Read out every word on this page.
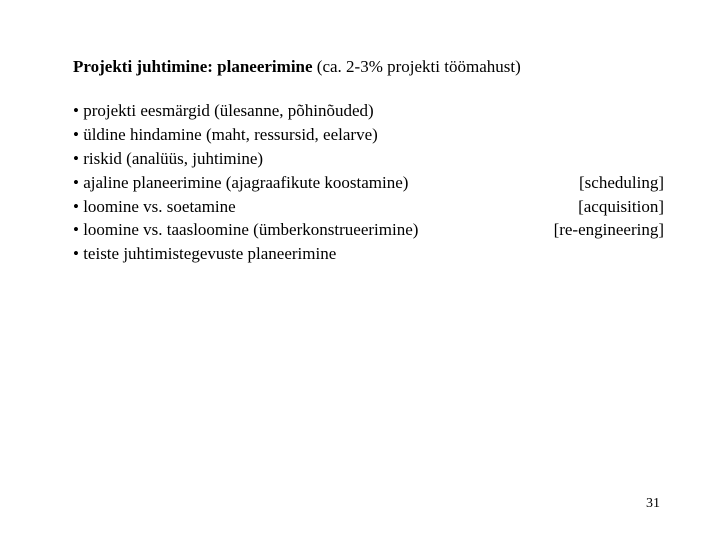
Projekti juhtimine: planeerimine (ca. 2-3% projekti töömahust)
• projekti eesmärgid (ülesanne, põhinõuded)
• üldine hindamine (maht, ressursid, eelarve)
• riskid (analüüs, juhtimine)
• ajaline planeerimine (ajagraafikute koostamine)	[scheduling]
• loomine vs. soetamine	[acquisition]
• loomine vs. taasloomine (ümberkonstrueerimine)	[re-engineering]
• teiste juhtimistegevuste planeerimine
31
